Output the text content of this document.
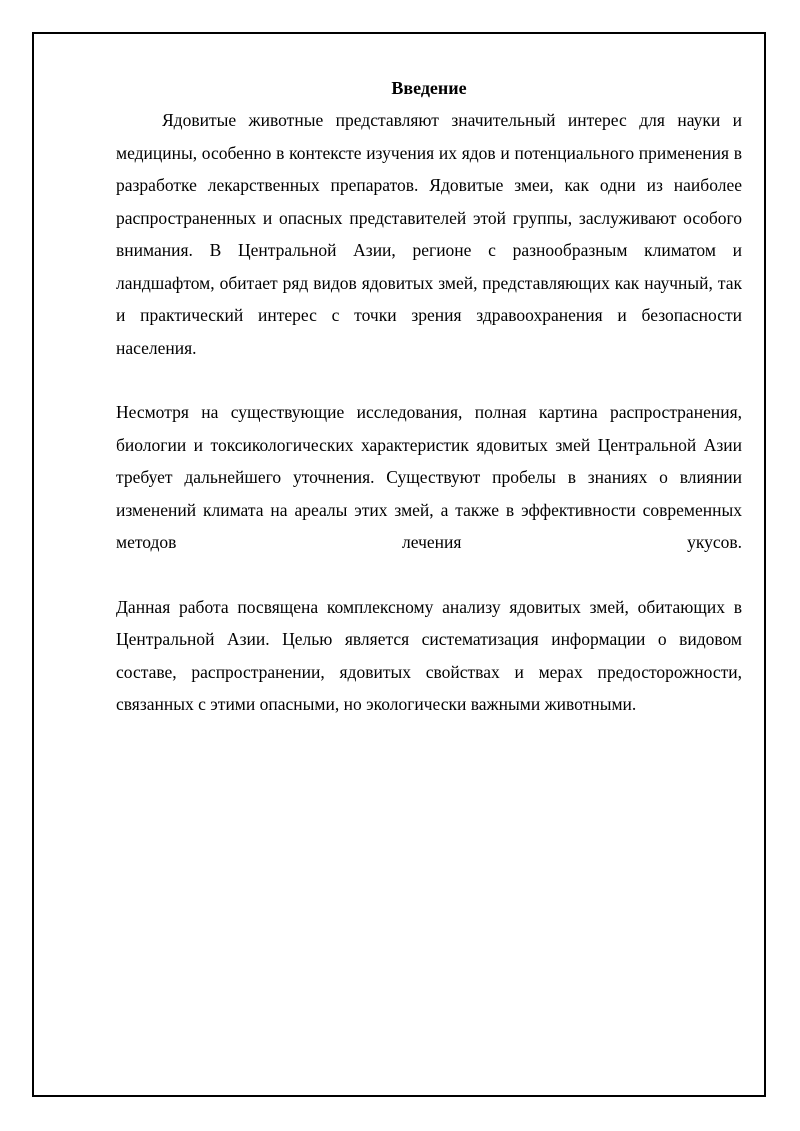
Введение

Ядовитые животные представляют значительный интерес для науки и медицины, особенно в контексте изучения их ядов и потенциального применения в разработке лекарственных препаратов. Ядовитые змеи, как одни из наиболее распространенных и опасных представителей этой группы, заслуживают особого внимания. В Центральной Азии, регионе с разнообразным климатом и ландшафтом, обитает ряд видов ядовитых змей, представляющих как научный, так и практический интерес с точки зрения здравоохранения и безопасности населения.

Несмотря на существующие исследования, полная картина распространения, биологии и токсикологических характеристик ядовитых змей Центральной Азии требует дальнейшего уточнения. Существуют пробелы в знаниях о влиянии изменений климата на ареалы этих змей, а также в эффективности современных методов лечения укусов.

Данная работа посвящена комплексному анализу ядовитых змей, обитающих в Центральной Азии. Целью является систематизация информации о видовом составе, распространении, ядовитых свойствах и мерах предосторожности, связанных с этими опасными, но экологически важными животными.
